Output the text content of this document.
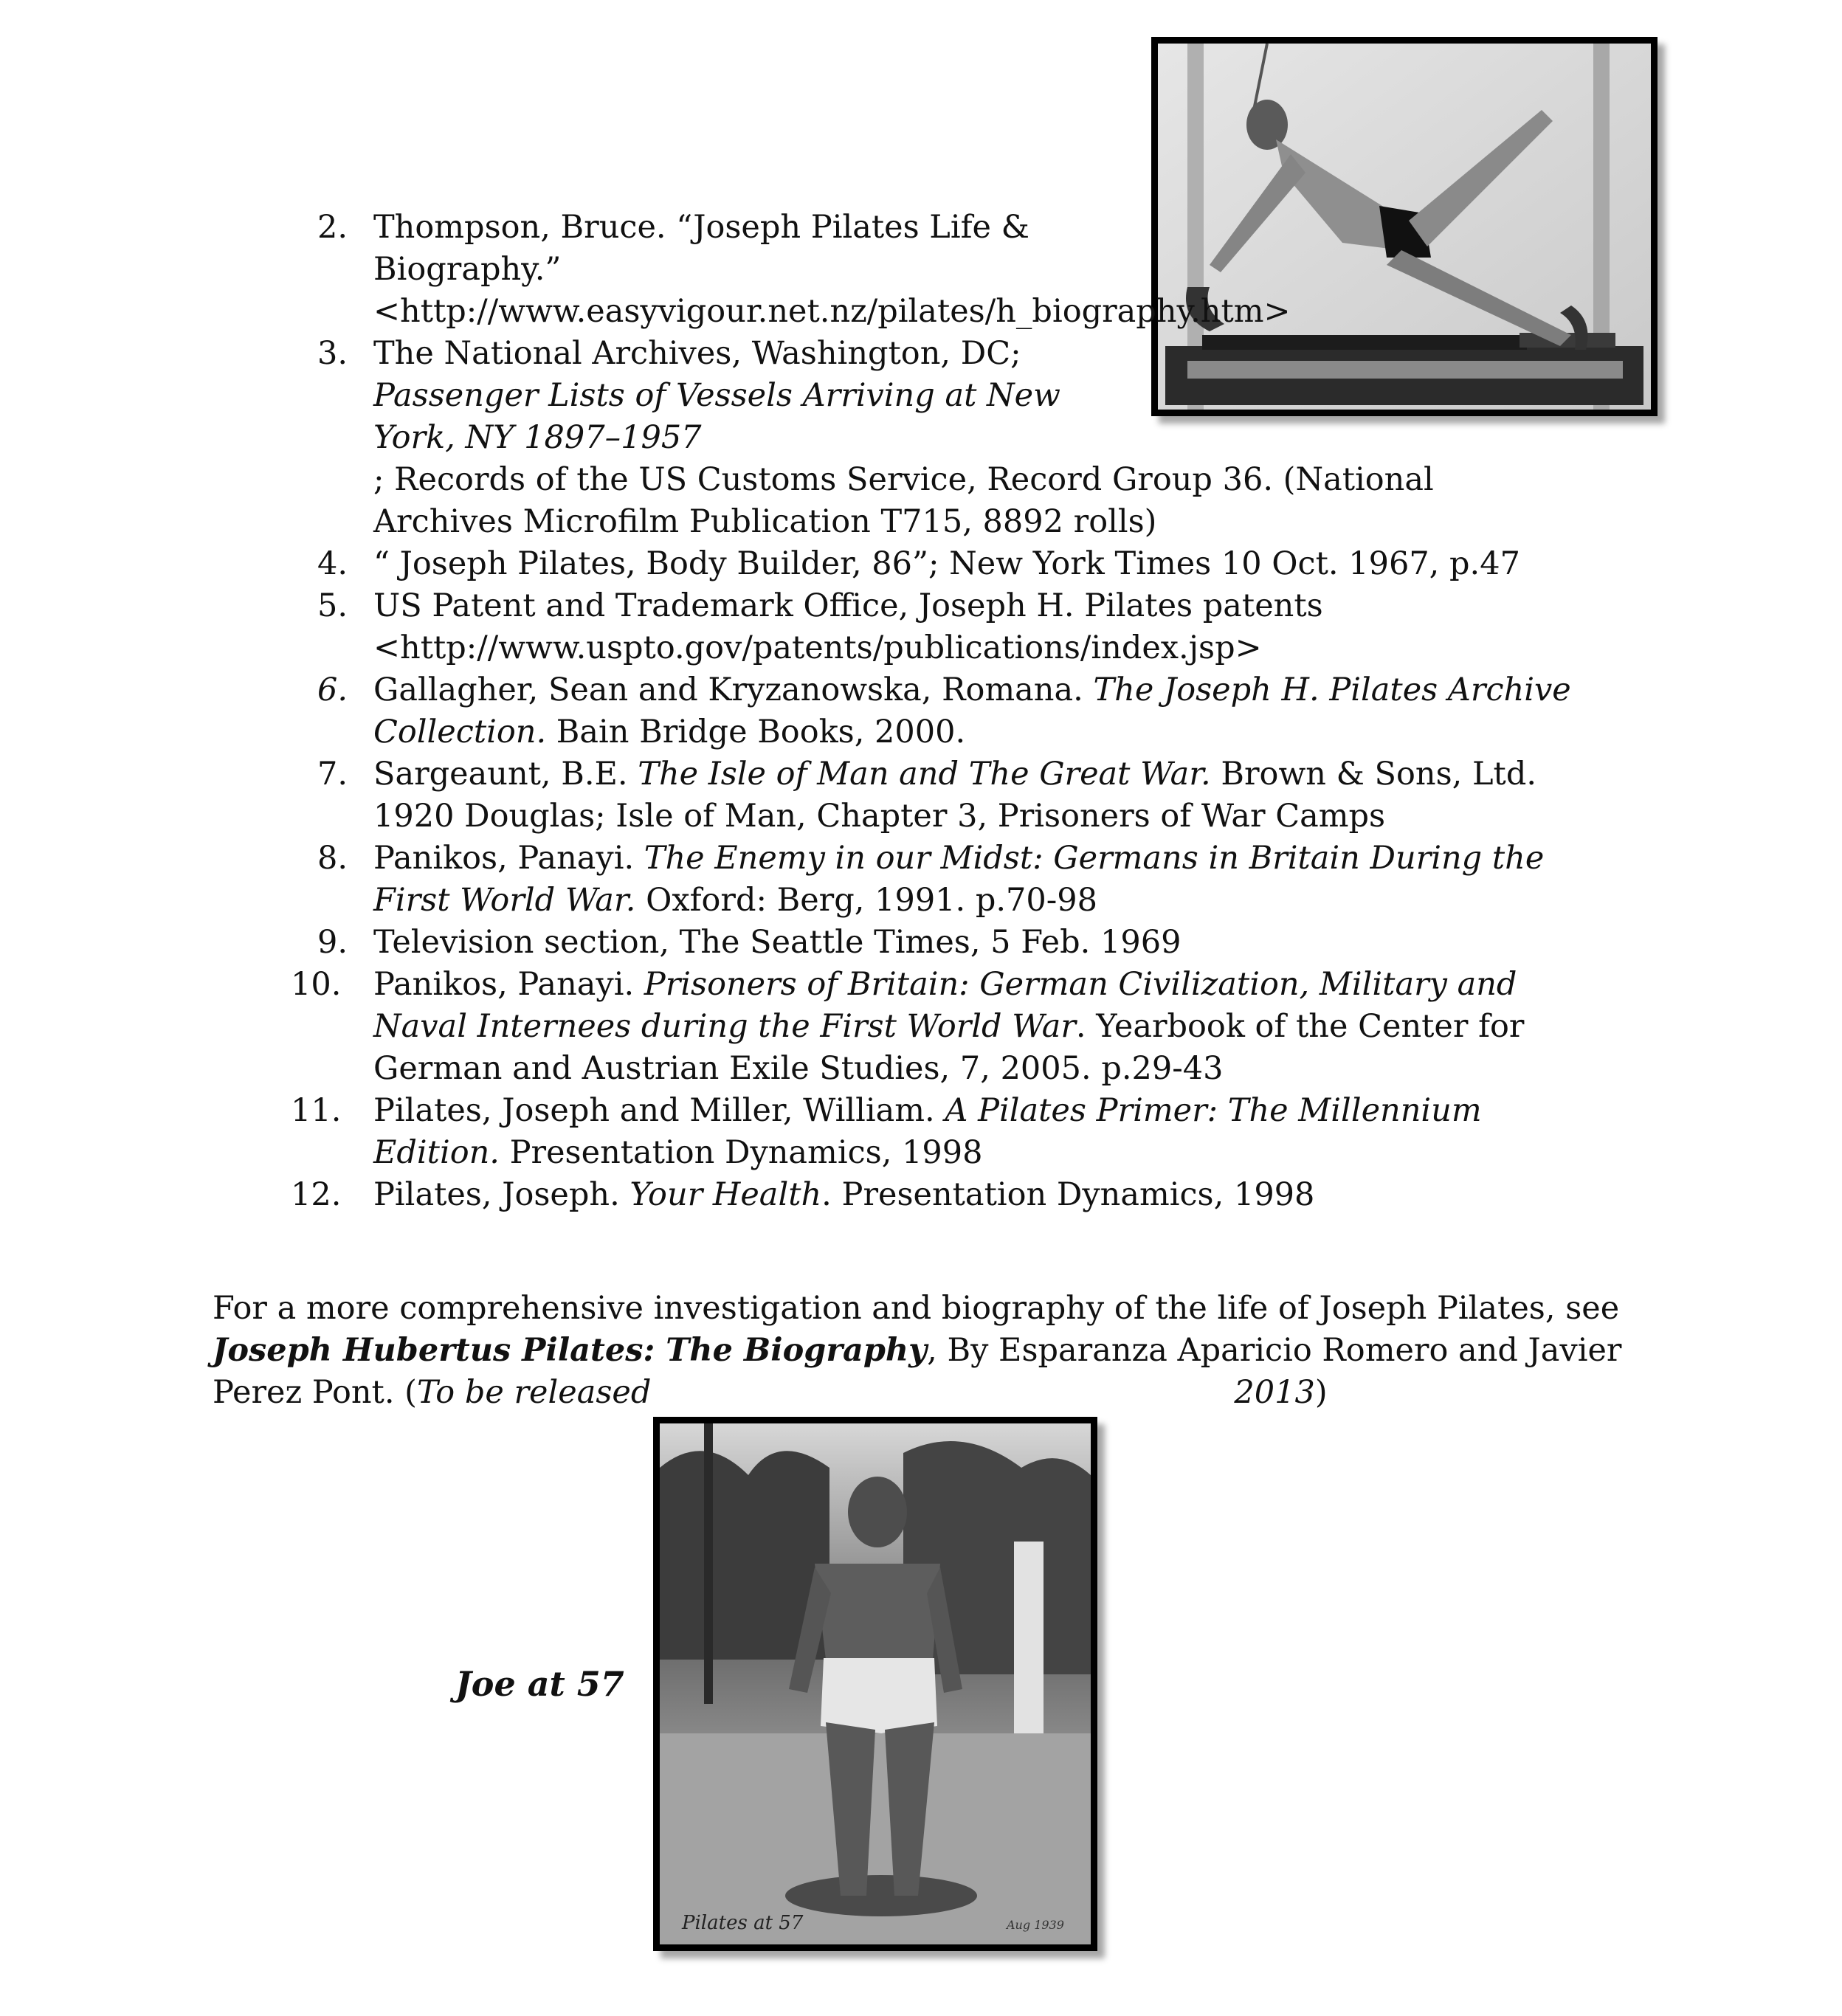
2. Thompson, Bruce. “Joseph Pilates Life & Biography.” <http://www.easyvigour.net.nz/pilates/h_biography.htm>
3. The National Archives, Washington, DC;
Passenger Lists of Vessels Arriving at New York, NY 1897–1957
; Records of the US Customs Service, Record Group 36. (National Archives Microfilm Publication T715, 8892 rolls)
4. “ Joseph Pilates, Body Builder, 86”; New York Times 10 Oct. 1967, p.47
5. US Patent and Trademark Office, Joseph H. Pilates patents <http://www.uspto.gov/patents/publications/index.jsp>
6. Gallagher, Sean and Kryzanowska, Romana. The Joseph H. Pilates Archive Collection. Bain Bridge Books, 2000.
7. Sargeaunt, B.E. The Isle of Man and The Great War. Brown & Sons, Ltd. 1920 Douglas; Isle of Man, Chapter 3, Prisoners of War Camps
8. Panikos, Panayi. The Enemy in our Midst: Germans in Britain During the First World War. Oxford: Berg, 1991. p.70-98
9. Television section, The Seattle Times, 5 Feb. 1969
10. Panikos, Panayi. Prisoners of Britain: German Civilization, Military and Naval Internees during the First World War. Yearbook of the Center for German and Austrian Exile Studies, 7, 2005. p.29-43
11. Pilates, Joseph and Miller, William. A Pilates Primer: The Millennium Edition. Presentation Dynamics, 1998
12. Pilates, Joseph. Your Health. Presentation Dynamics, 1998

For a more comprehensive investigation and biography of the life of Joseph Pilates, see Joseph Hubertus Pilates: The Biography, By Esparanza Aparicio Romero and Javier Perez Pont. (To be released	2013)

Joe at 57
Pilates at 57	Aug 1939
